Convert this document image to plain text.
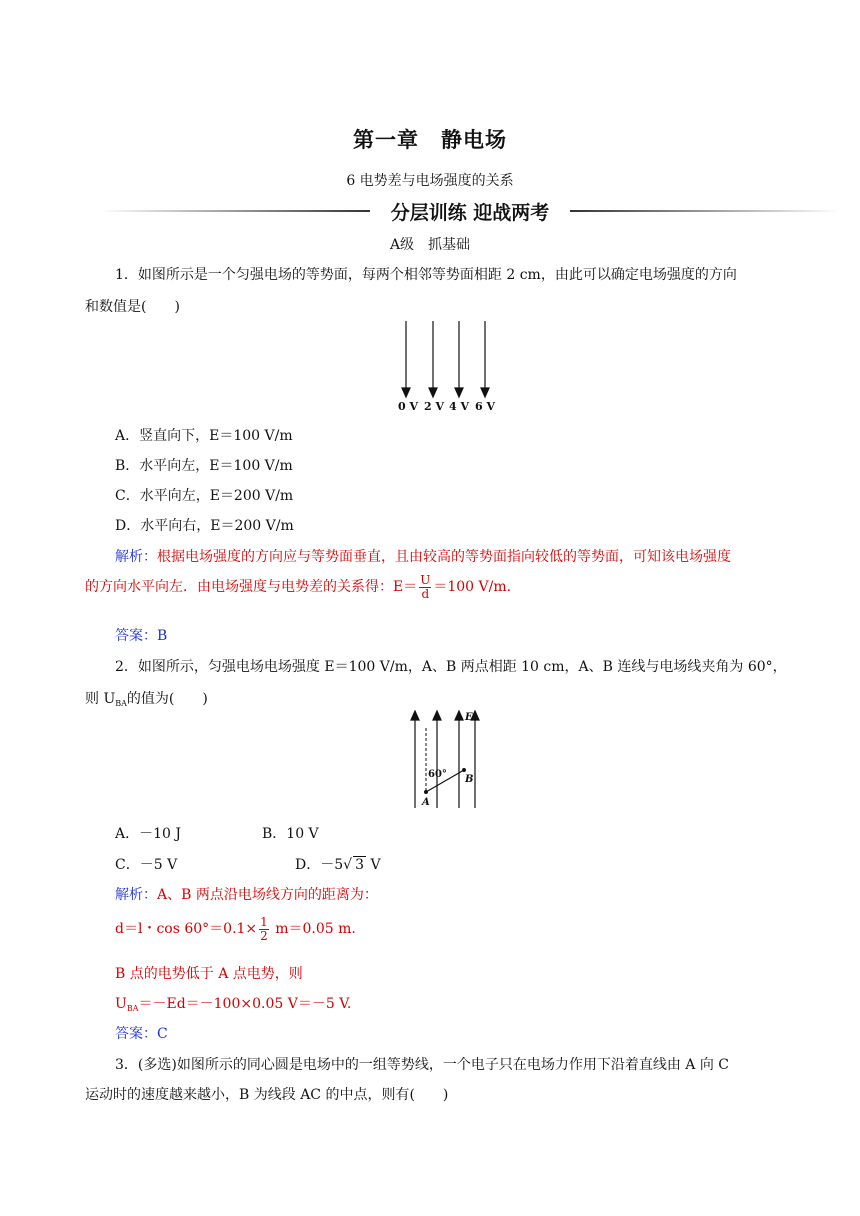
第一章　静电场
6 电势差与电场强度的关系
分层训练 迎战两考
A级　抓基础
1．如图所示是一个匀强电场的等势面，每两个相邻等势面相距 2 cm，由此可以确定电场强度的方向
和数值是(　　)
0 V 2 V 4 V 6 V
A．竖直向下，E＝100 V/m
B．水平向左，E＝100 V/m
C．水平向左，E＝200 V/m
D．水平向右，E＝200 V/m
解析：根据电场强度的方向应与等势面垂直，且由较高的等势面指向较低的等势面，可知该电场强度
的方向水平向左．由电场强度与电势差的关系得：$E= \frac{U}{d} =100$ V/m.
答案：B
2．如图所示，匀强电场电场强度 E＝100 V/m，A、B 两点相距 10 cm，A、B 连线与电场线夹角为 60°，
则 $U_{BA}$的值为(　　)
E
60° B
A
A．－10 J	B．10 V
C．－5 V	D．－5√ 3 V
解析：A、B 两点沿电场线方向的距离为：
d＝l・$\cos 60^\circ=0.1\times \frac{1}{2} m=0.05$ m.
B 点的电势低于 A 点电势，则
$U_{BA}=-Ed=-100\times 0.05$ V＝－5 V.
答案：C
3．(多选)如图所示的同心圆是电场中的一组等势线，一个电子只在电场力作用下沿着直线由 A 向 C
运动时的速度越来越小，B 为线段 AC 的中点，则有(　　)
